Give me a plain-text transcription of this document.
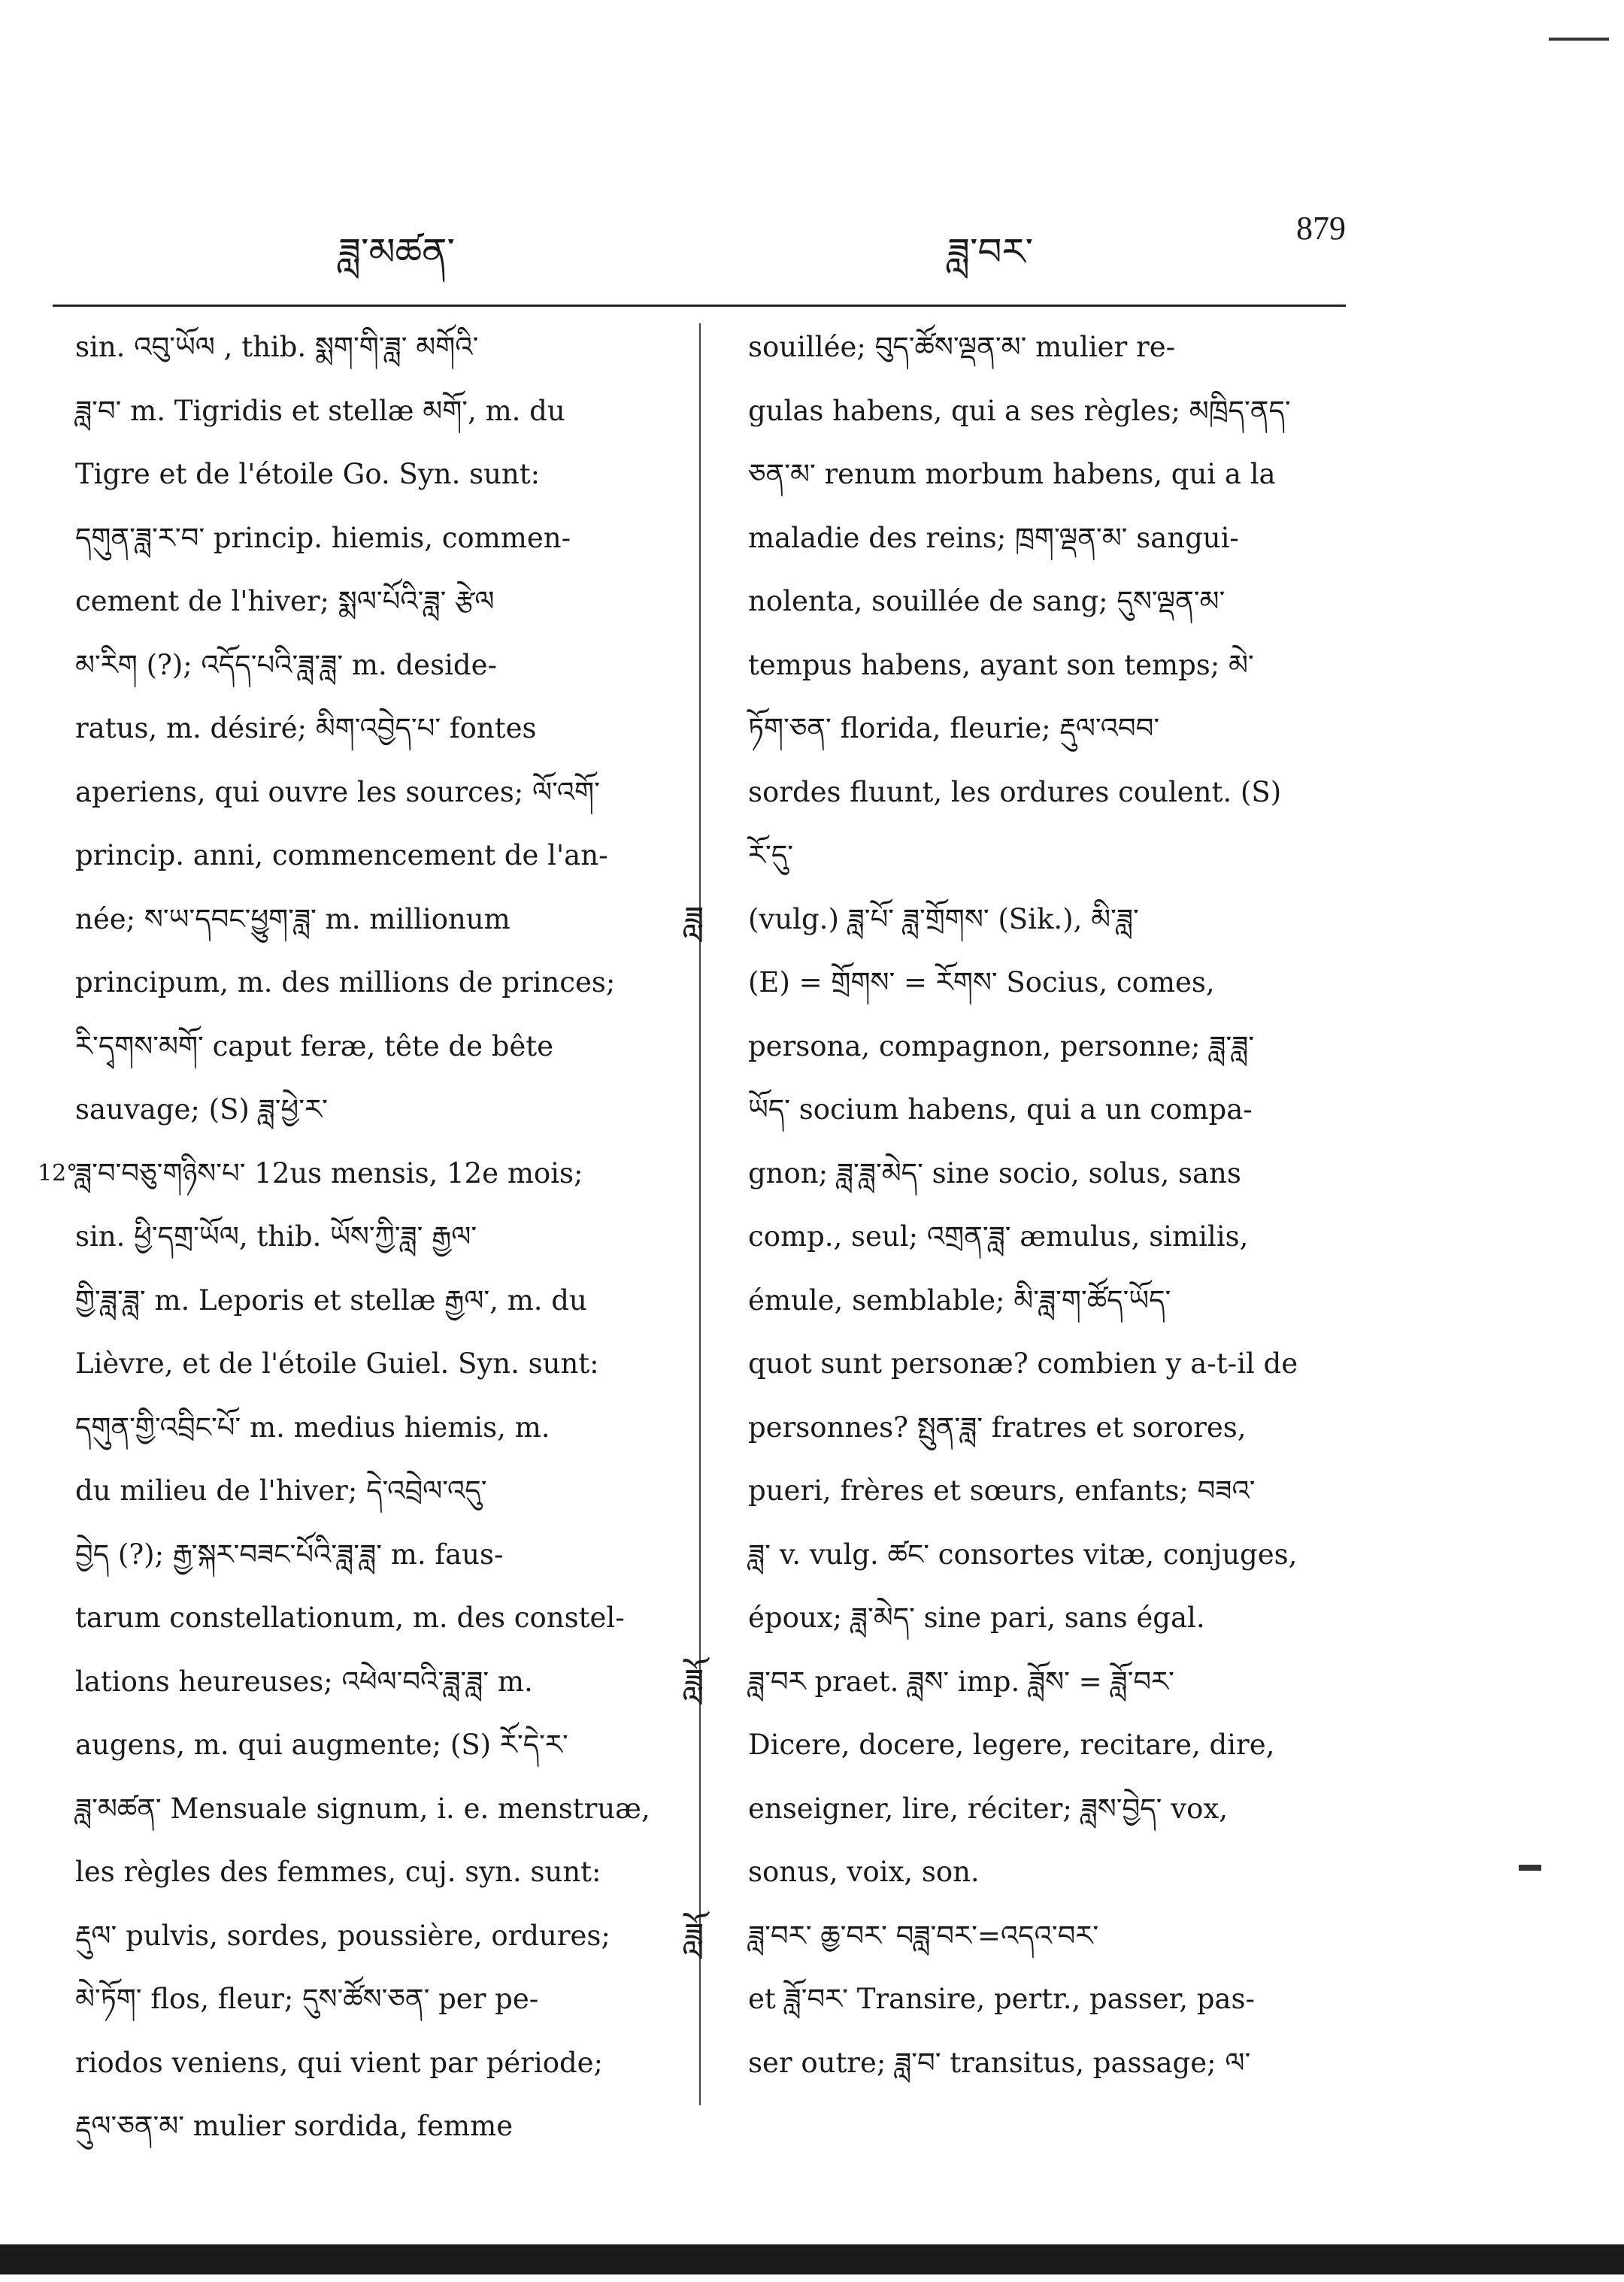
ཟླ་མཚན་	ཟླ་བར་
879
sin. འབུ་ཡོལ , thib. སྨག་གི་ཟླ་ མགོའི་
ཟླ་བ་ m. Tigridis et stellæ མགོ་, m. du
Tigre et de l'étoile Go. Syn. sunt:
དགུན་ཟླ་ར་བ་ princip. hiemis, commen-
cement de l'hiver; སྨལ་པོའི་ཟླ་ རྩེལ
མ་རིག (?); འདོད་པའི་ཟླ་ཟླ་ m. deside-
ratus, m. désiré; མིག་འབྱེད་པ་ fontes
aperiens, qui ouvre les sources; ལོ་འགོ་
princip. anni, commencement de l'an-
née; ས་ཡ་དབང་ཕྱུག་ཟླ་ m. millionum
principum, m. des millions de princes;
རི་དྭགས་མགོ་ caput feræ, tête de bête
sauvage; (S) ཟླ་ཕྱེ་ར་
12°
ཟླ་བ་བཅུ་གཉིས་པ་ 12us mensis, 12e mois;
sin. ཕྱི་དགྲ་ཡོལ, thib. ཡོས་ཀྱི་ཟླ་ རྒྱལ་
གྱི་ཟླ་ཟླ་ m. Leporis et stellæ རྒྱལ་, m. du
Lièvre, et de l'étoile Guiel. Syn. sunt:
དགུན་གྱི་འབྲིང་པོ་ m. medius hiemis, m.
du milieu de l'hiver; དེ་འབྲེལ་འདུ་
བྱེད (?); རྒྱ་སྐར་བཟང་པོའི་ཟླ་ཟླ་ m. faus-
tarum constellationum, m. des constel-
lations heureuses; འཕེལ་བའི་ཟླ་ཟླ་ m.
augens, m. qui augmente; (S) རོ་དེ་ར་
ཟླ་མཚན་ Mensuale signum, i. e. menstruæ,
les règles des femmes, cuj. syn. sunt:
རྡུལ་ pulvis, sordes, poussière, ordures;
མེ་ཏོག་ flos, fleur; དུས་ཚོས་ཅན་ per pe-
riodos veniens, qui vient par période;
རྡུལ་ཅན་མ་ mulier sordida, femme
souillée; བུད་ཚོས་ལྡན་མ་ mulier re-
gulas habens, qui a ses règles; མཁྲིད་ནད་
ཅན་མ་ renum morbum habens, qui a la
maladie des reins; ཁྲག་ལྡན་མ་ sangui-
nolenta, souillée de sang; དུས་ལྡན་མ་
tempus habens, ayant son temps; མེ་
ཏོག་ཅན་ florida, fleurie; རྡུལ་འབབ་
sordes fluunt, les ordures coulent. (S)
རོ་དུ་
ཟླ (vulg.) ཟླ་པོ་ ཟླ་གྲོགས་ (Sik.), མི་ཟླ་
(E) = གྲོགས་ = རོགས་ Socius, comes,
persona, compagnon, personne; ཟླ་ཟླ་
ཡོད་ socium habens, qui a un compa-
gnon; ཟླ་ཟླ་མེད་ sine socio, solus, sans
comp., seul; འགྲན་ཟླ་ æmulus, similis,
émule, semblable; མི་ཟླ་ག་ཚོད་ཡོད་
quot sunt personæ? combien y a-t-il de
personnes? སྤུན་ཟླ་ fratres et sorores,
pueri, frères et sœurs, enfants; བཟའ་
ཟླ་ v. vulg. ཚང་ consortes vitæ, conjuges,
époux; ཟླ་མེད་ sine pari, sans égal.
ཟློ ཟླ་བར praet. ཟླས་ imp. ཟློས་ = ཟློ་བར་
Dicere, docere, legere, recitare, dire,
enseigner, lire, réciter; ཟླས་བྱེད་ vox,
sonus, voix, son.
ཟློ ཟླ་བར་ ཆྱ་བར་ བཟླ་བར་=འདའ་བར་
et ཟློ་བར་ Transire, pertr., passer, pas-
ser outre; ཟླ་བ་ transitus, passage; ལ་
